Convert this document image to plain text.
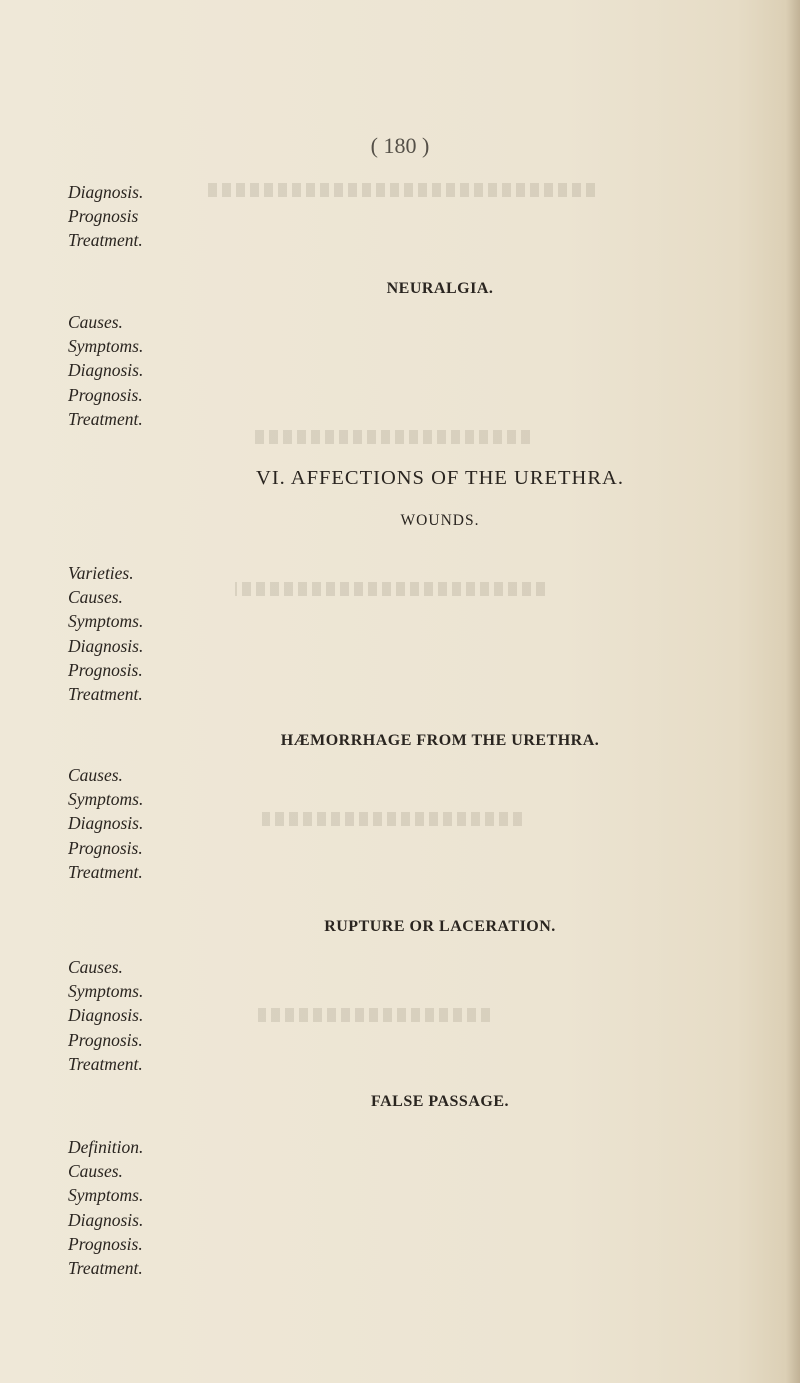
( 180 )
Diagnosis.
Prognosis
Treatment.
NEURALGIA.
Causes.
Symptoms.
Diagnosis.
Prognosis.
Treatment.
VI. AFFECTIONS OF THE URETHRA.
WOUNDS.
Varieties.
Causes.
Symptoms.
Diagnosis.
Prognosis.
Treatment.
HÆMORRHAGE FROM THE URETHRA.
Causes.
Symptoms.
Diagnosis.
Prognosis.
Treatment.
RUPTURE OR LACERATION.
Causes.
Symptoms.
Diagnosis.
Prognosis.
Treatment.
FALSE PASSAGE.
Definition.
Causes.
Symptoms.
Diagnosis.
Prognosis.
Treatment.
